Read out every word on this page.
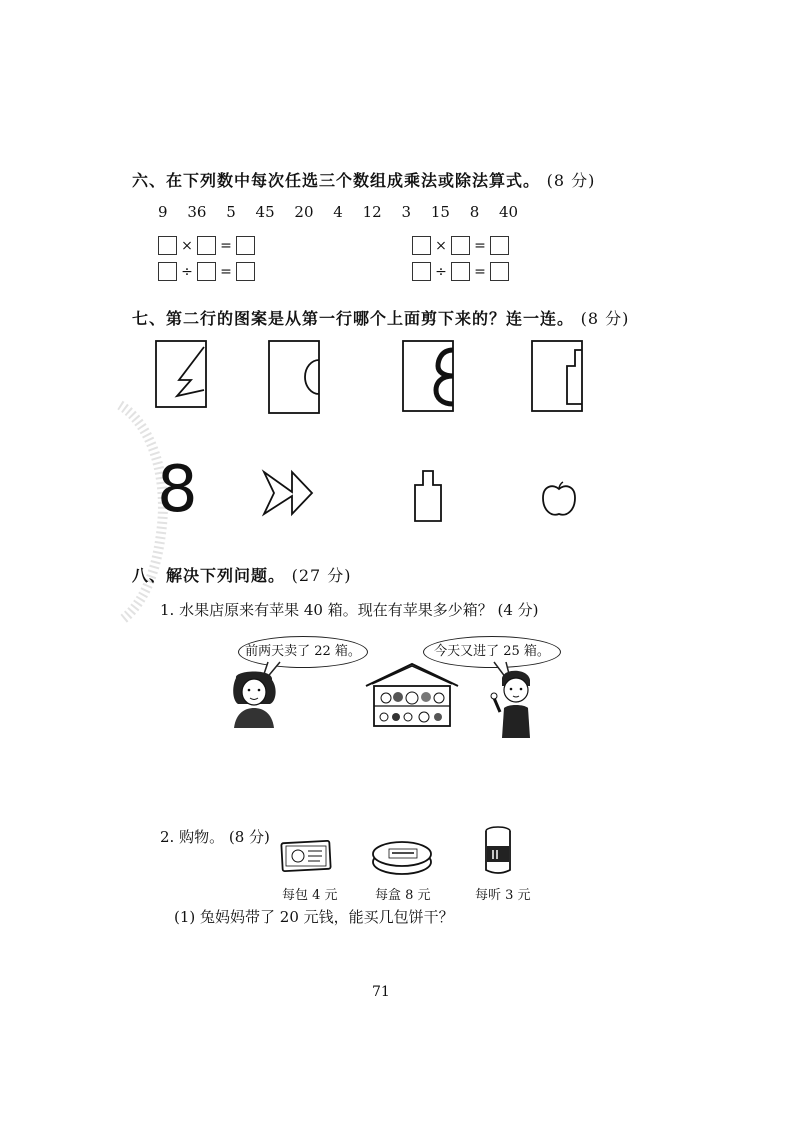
六、在下列数中每次任选三个数组成乘法或除法算式。 (8 分)
9 36 5 45 20 4 12 3 15 8 40
× =
÷ =
× =
÷ =
七、第二行的图案是从第一行哪个上面剪下来的？连一连。 (8 分)
8
八、解决下列问题。 (27 分)
1. 水果店原来有苹果 40 箱。现在有苹果多少箱？ (4 分)
前两天卖了 22 箱。	今天又进了 25 箱。
2. 购物。 (8 分)
每包 4 元	每盒 8 元	每听 3 元
(1) 兔妈妈带了 20 元钱，能买几包饼干？
71
